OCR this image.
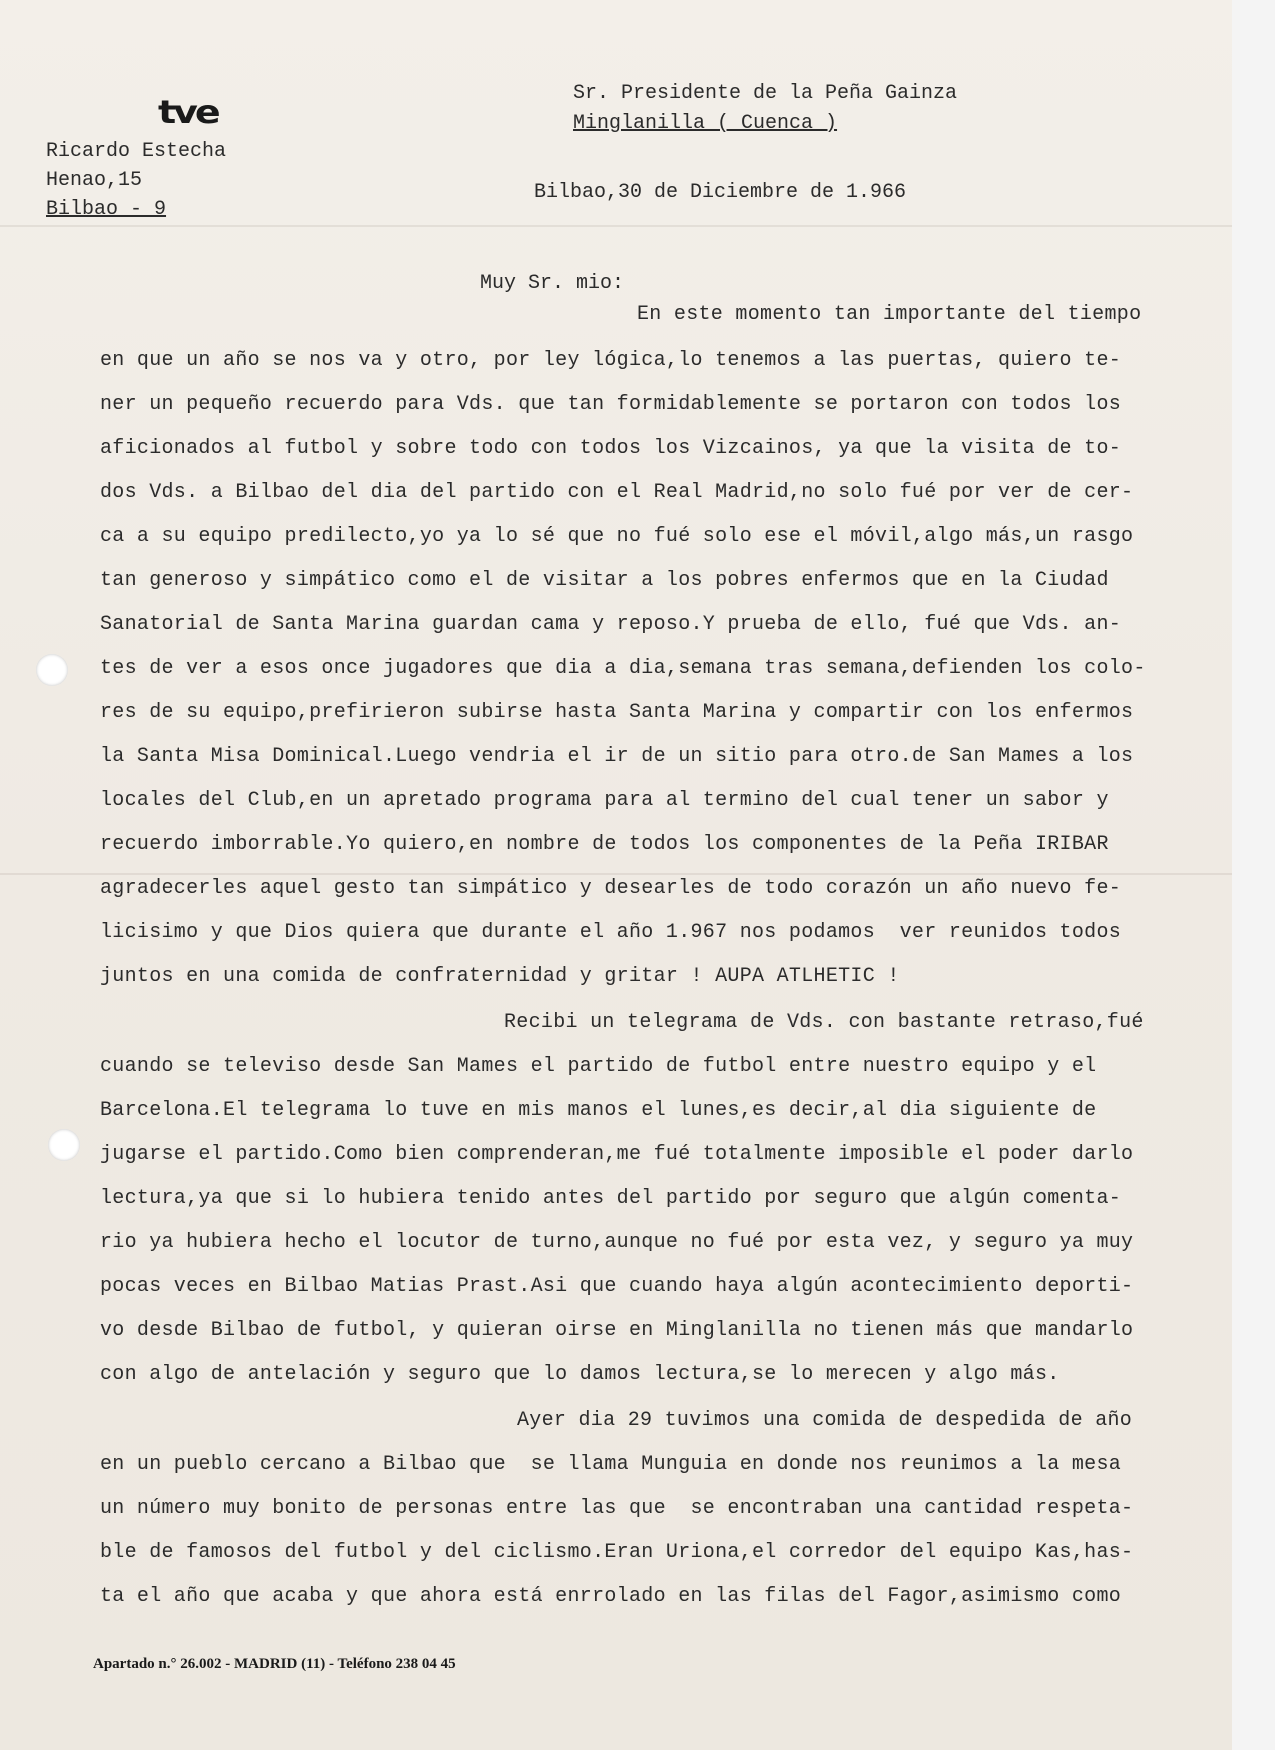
tve
Ricardo Estecha
Henao,15
Bilbao - 9
Sr. Presidente de la Peña Gainza
Minglanilla ( Cuenca )
Bilbao,30 de Diciembre de 1.966
Muy Sr. mio:
En este momento tan importante del tiempo
en que un año se nos va y otro, por ley lógica,lo tenemos a las puertas, quiero te-
ner un pequeño recuerdo para Vds. que tan formidablemente se portaron con todos los
aficionados al futbol y sobre todo con todos los Vizcainos, ya que la visita de to-
dos Vds. a Bilbao del dia del partido con el Real Madrid,no solo fué por ver de cer-
ca a su equipo predilecto,yo ya lo sé que no fué solo ese el móvil,algo más,un rasgo
tan generoso y simpático como el de visitar a los pobres enfermos que en la Ciudad
Sanatorial de Santa Marina guardan cama y reposo.Y prueba de ello, fué que Vds. an-
tes de ver a esos once jugadores que dia a dia,semana tras semana,defienden los colo-
res de su equipo,prefirieron subirse hasta Santa Marina y compartir con los enfermos
la Santa Misa Dominical.Luego vendria el ir de un sitio para otro.de San Mames a los
locales del Club,en un apretado programa para al termino del cual tener un sabor y
recuerdo imborrable.Yo quiero,en nombre de todos los componentes de la Peña IRIBAR
agradecerles aquel gesto tan simpático y desearles de todo corazón un año nuevo fe-
licisimo y que Dios quiera que durante el año 1.967 nos podamos  ver reunidos todos
juntos en una comida de confraternidad y gritar ! AUPA ATLHETIC !
Recibi un telegrama de Vds. con bastante retraso,fué
cuando se televiso desde San Mames el partido de futbol entre nuestro equipo y el
Barcelona.El telegrama lo tuve en mis manos el lunes,es decir,al dia siguiente de
jugarse el partido.Como bien comprenderan,me fué totalmente imposible el poder darlo
lectura,ya que si lo hubiera tenido antes del partido por seguro que algún comenta-
rio ya hubiera hecho el locutor de turno,aunque no fué por esta vez, y seguro ya muy
pocas veces en Bilbao Matias Prast.Asi que cuando haya algún acontecimiento deporti-
vo desde Bilbao de futbol, y quieran oirse en Minglanilla no tienen más que mandarlo
con algo de antelación y seguro que lo damos lectura,se lo merecen y algo más.
Ayer dia 29 tuvimos una comida de despedida de año
en un pueblo cercano a Bilbao que  se llama Munguia en donde nos reunimos a la mesa
un número muy bonito de personas entre las que  se encontraban una cantidad respeta-
ble de famosos del futbol y del ciclismo.Eran Uriona,el corredor del equipo Kas,has-
ta el año que acaba y que ahora está enrrolado en las filas del Fagor,asimismo como
Apartado n.° 26.002 - MADRID (11) - Teléfono 238 04 45
